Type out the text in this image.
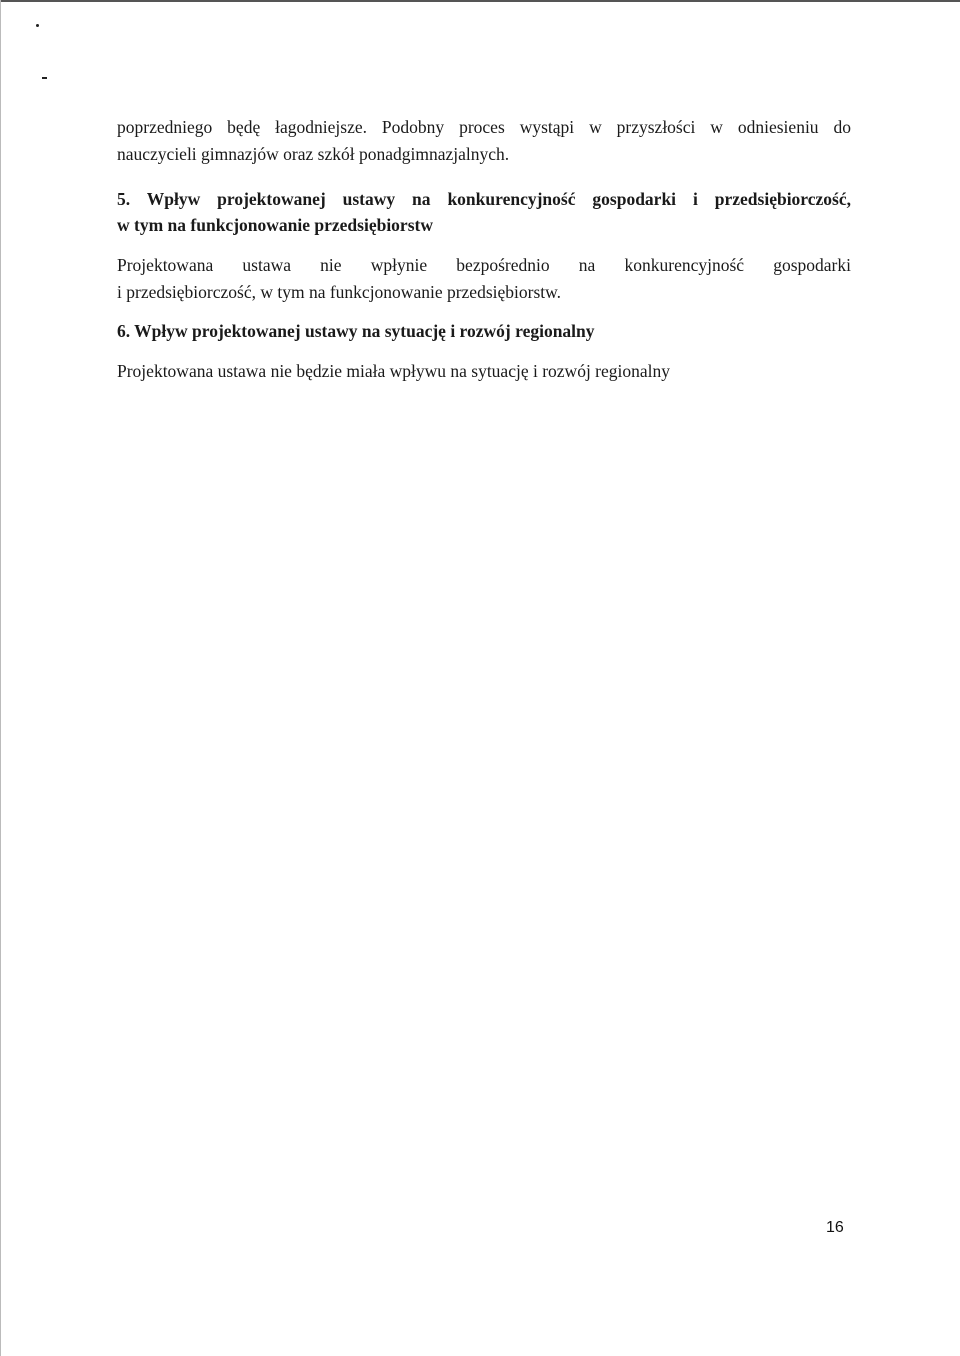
poprzedniego będę łagodniejsze. Podobny proces wystąpi w przyszłości w odniesieniu do
nauczycieli gimnazjów oraz szkół ponadgimnazjalnych.

5. Wpływ projektowanej ustawy na konkurencyjność gospodarki i przedsiębiorczość,
w tym na funkcjonowanie przedsiębiorstw

Projektowana ustawa nie wpłynie bezpośrednio na konkurencyjność gospodarki
i przedsiębiorczość, w tym na funkcjonowanie przedsiębiorstw.

6. Wpływ projektowanej ustawy na sytuację i rozwój regionalny

Projektowana ustawa nie będzie miała wpływu na sytuację i rozwój regionalny

16
